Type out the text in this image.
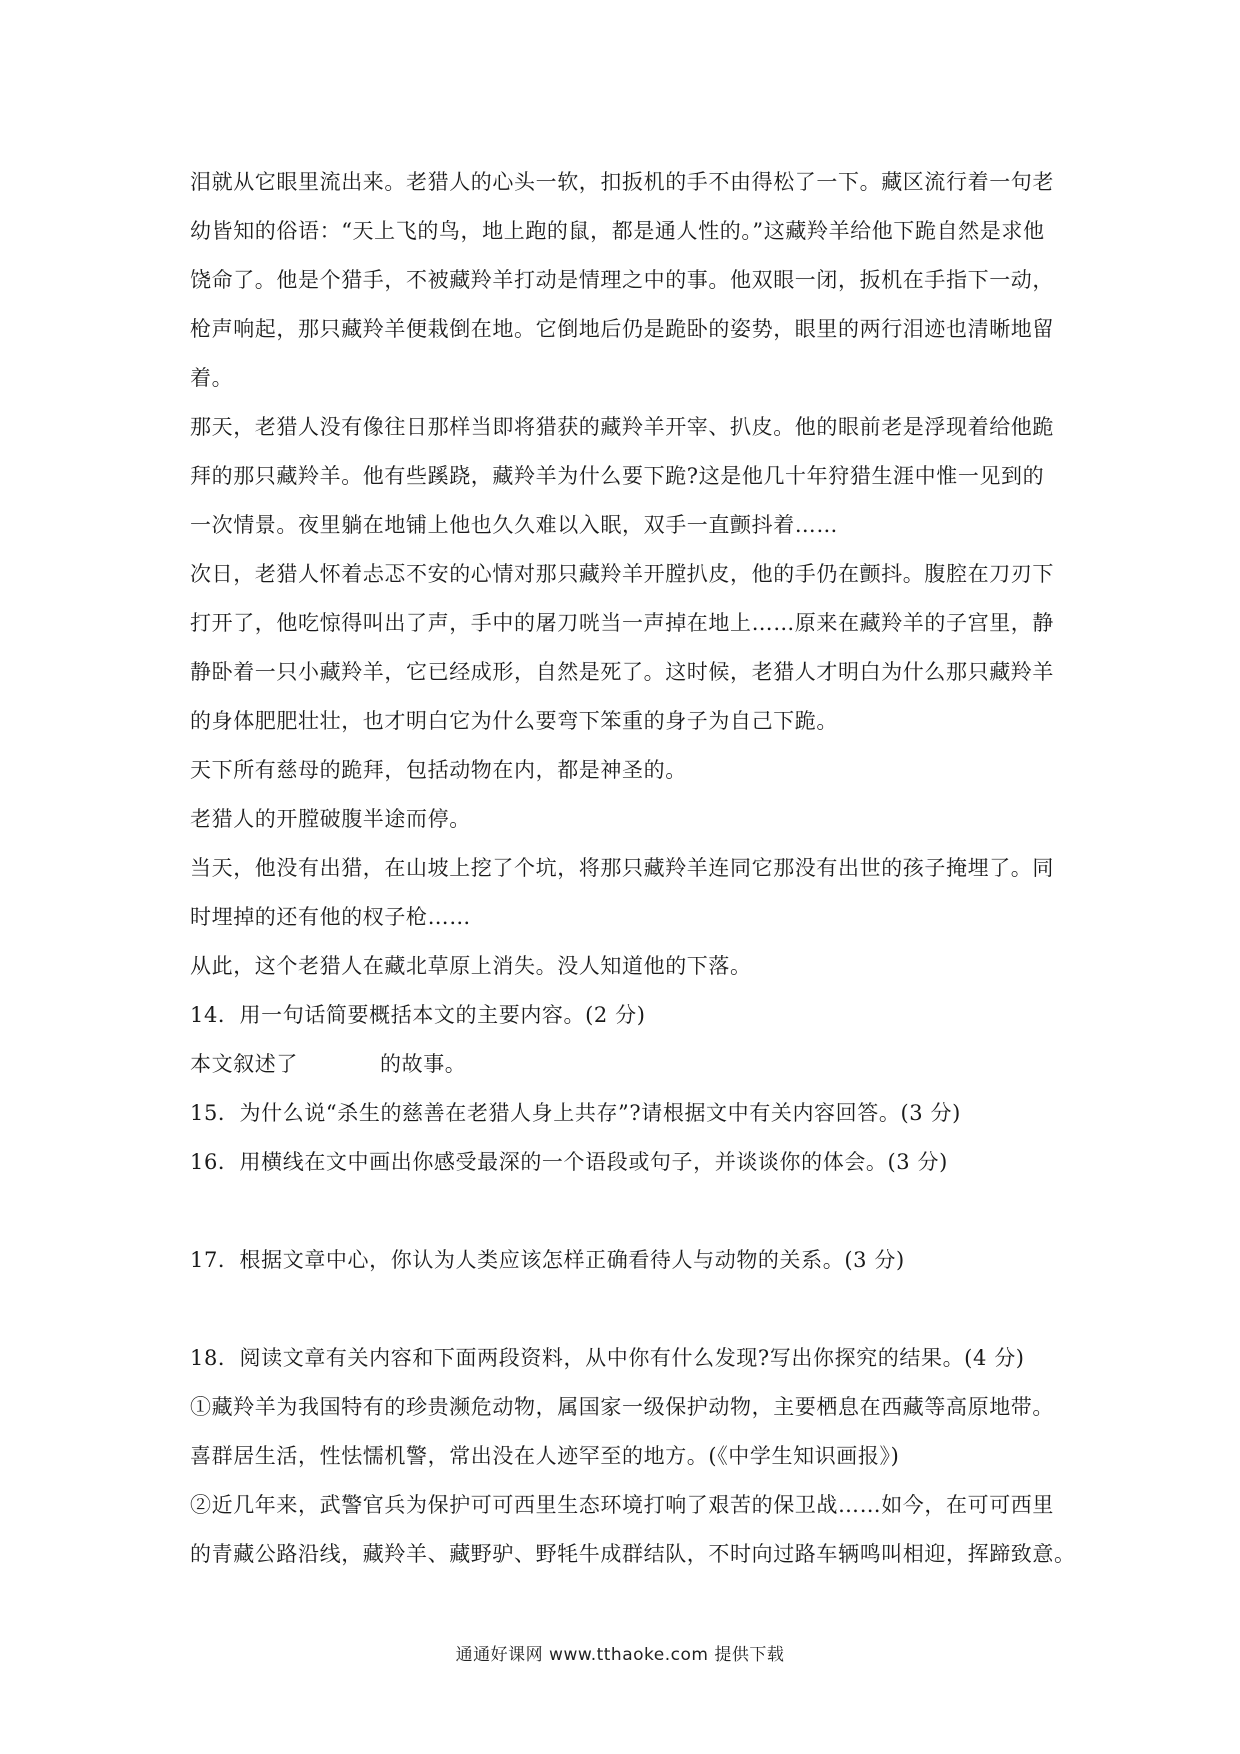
泪就从它眼里流出来。老猎人的心头一软，扣扳机的手不由得松了一下。藏区流行着一句老
幼皆知的俗语：“天上飞的鸟，地上跑的鼠，都是通人性的。”这藏羚羊给他下跪自然是求他
饶命了。他是个猎手，不被藏羚羊打动是情理之中的事。他双眼一闭，扳机在手指下一动，
枪声响起，那只藏羚羊便栽倒在地。它倒地后仍是跪卧的姿势，眼里的两行泪迹也清晰地留
着。
那天，老猎人没有像往日那样当即将猎获的藏羚羊开宰、扒皮。他的眼前老是浮现着给他跪
拜的那只藏羚羊。他有些蹊跷，藏羚羊为什么要下跪?这是他几十年狩猎生涯中惟一见到的
一次情景。夜里躺在地铺上他也久久难以入眠，双手一直颤抖着……
次日，老猎人怀着忐忑不安的心情对那只藏羚羊开膛扒皮，他的手仍在颤抖。腹腔在刀刃下
打开了，他吃惊得叫出了声，手中的屠刀咣当一声掉在地上……原来在藏羚羊的子宫里，静
静卧着一只小藏羚羊，它已经成形，自然是死了。这时候，老猎人才明白为什么那只藏羚羊
的身体肥肥壮壮，也才明白它为什么要弯下笨重的身子为自己下跪。
天下所有慈母的跪拜，包括动物在内，都是神圣的。
老猎人的开膛破腹半途而停。
当天，他没有出猎，在山坡上挖了个坑，将那只藏羚羊连同它那没有出世的孩子掩埋了。同
时埋掉的还有他的杈子枪……
从此，这个老猎人在藏北草原上消失。没人知道他的下落。
14．用一句话简要概括本文的主要内容。(2 分)
本文叙述了	的故事。
15．为什么说“杀生的慈善在老猎人身上共存”?请根据文中有关内容回答。(3 分)
16．用横线在文中画出你感受最深的一个语段或句子，并谈谈你的体会。(3 分)
17．根据文章中心，你认为人类应该怎样正确看待人与动物的关系。(3 分)
18．阅读文章有关内容和下面两段资料，从中你有什么发现?写出你探究的结果。(4 分)
①藏羚羊为我国特有的珍贵濒危动物，属国家一级保护动物，主要栖息在西藏等高原地带。
喜群居生活，性怯懦机警，常出没在人迹罕至的地方。(《中学生知识画报》)
②近几年来，武警官兵为保护可可西里生态环境打响了艰苦的保卫战……如今，在可可西里
的青藏公路沿线，藏羚羊、藏野驴、野牦牛成群结队，不时向过路车辆鸣叫相迎，挥蹄致意。
通通好课网 www.tthaoke.com 提供下载
